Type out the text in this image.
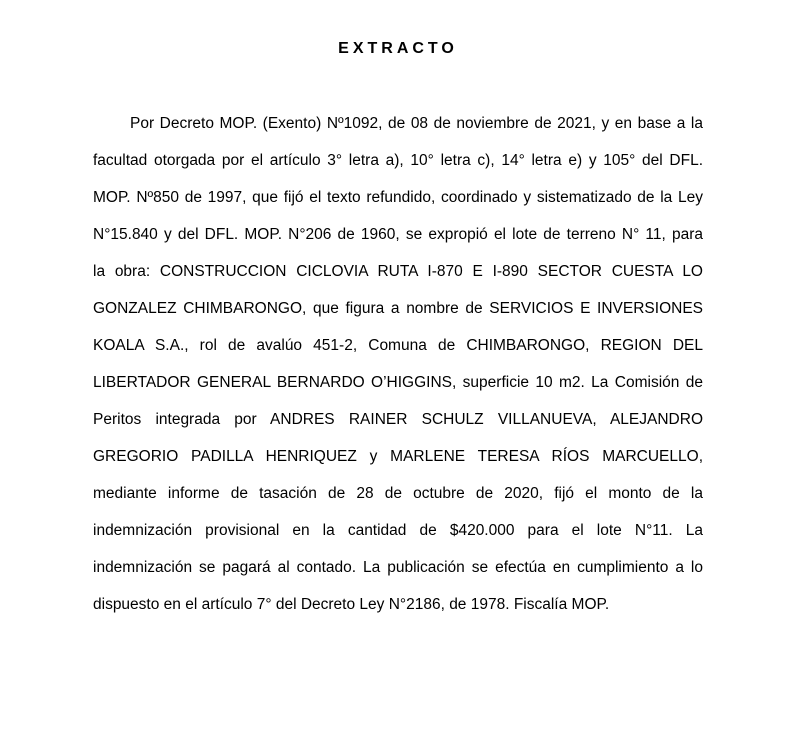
EXTRACTO
Por Decreto MOP. (Exento) Nº1092, de 08 de noviembre de 2021, y en base a la
facultad otorgada por el artículo 3° letra a), 10° letra c), 14° letra e) y 105° del DFL.
MOP. Nº850 de 1997, que fijó el texto refundido, coordinado y sistematizado de la Ley
N°15.840 y del DFL. MOP. N°206 de 1960, se expropió el lote de terreno N° 11, para
la obra: CONSTRUCCION CICLOVIA RUTA I-870 E I-890 SECTOR CUESTA LO
GONZALEZ CHIMBARONGO, que figura a nombre de SERVICIOS E INVERSIONES
KOALA S.A., rol de avalúo 451-2, Comuna de CHIMBARONGO, REGION DEL
LIBERTADOR GENERAL BERNARDO O’HIGGINS, superficie 10 m2. La Comisión de
Peritos integrada por ANDRES RAINER SCHULZ VILLANUEVA, ALEJANDRO
GREGORIO PADILLA HENRIQUEZ y MARLENE TERESA RÍOS MARCUELLO,
mediante informe de tasación de 28 de octubre de 2020, fijó el monto de la
indemnización provisional en la cantidad de $420.000 para el lote N°11. La
indemnización se pagará al contado. La publicación se efectúa en cumplimiento a lo
dispuesto en el artículo 7° del Decreto Ley N°2186, de 1978. Fiscalía MOP.
